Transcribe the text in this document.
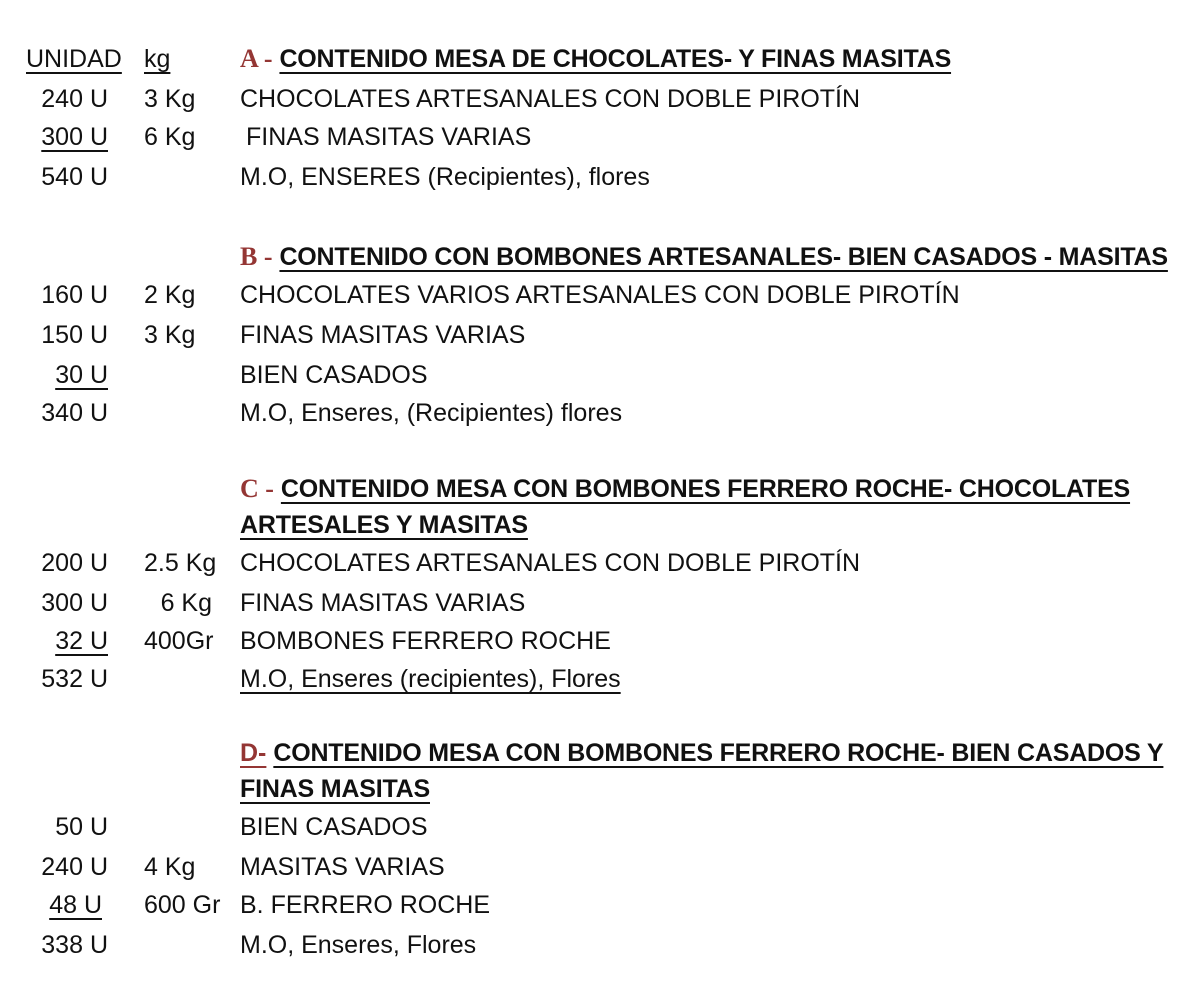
UNIDAD kg	A - CONTENIDO MESA DE CHOCOLATES- Y FINAS MASITAS
240 U 3 Kg CHOCOLATES ARTESANALES CON DOBLE PIROTÍN
300 U 6 Kg FINAS MASITAS VARIAS
540 U	M.O, ENSERES (Recipientes), flores
B - CONTENIDO CON BOMBONES ARTESANALES- BIEN CASADOS - MASITAS
160 U 2 Kg CHOCOLATES VARIOS ARTESANALES CON DOBLE PIROTÍN
150 U 3 Kg FINAS MASITAS VARIAS
30 U	BIEN CASADOS
340 U	M.O, Enseres, (Recipientes) flores
C - CONTENIDO MESA CON BOMBONES FERRERO ROCHE- CHOCOLATES
ARTESALES Y MASITAS
200 U 2.5 Kg CHOCOLATES ARTESANALES CON DOBLE PIROTÍN
300 U	6 Kg FINAS MASITAS VARIAS
32 U 400Gr BOMBONES FERRERO ROCHE
532 U	M.O, Enseres (recipientes), Flores
D- CONTENIDO MESA CON BOMBONES FERRERO ROCHE- BIEN CASADOS Y
FINAS MASITAS
50 U	BIEN CASADOS
240 U 4 Kg MASITAS VARIAS
48 U 600 Gr B. FERRERO ROCHE
338 U	M.O, Enseres, Flores
